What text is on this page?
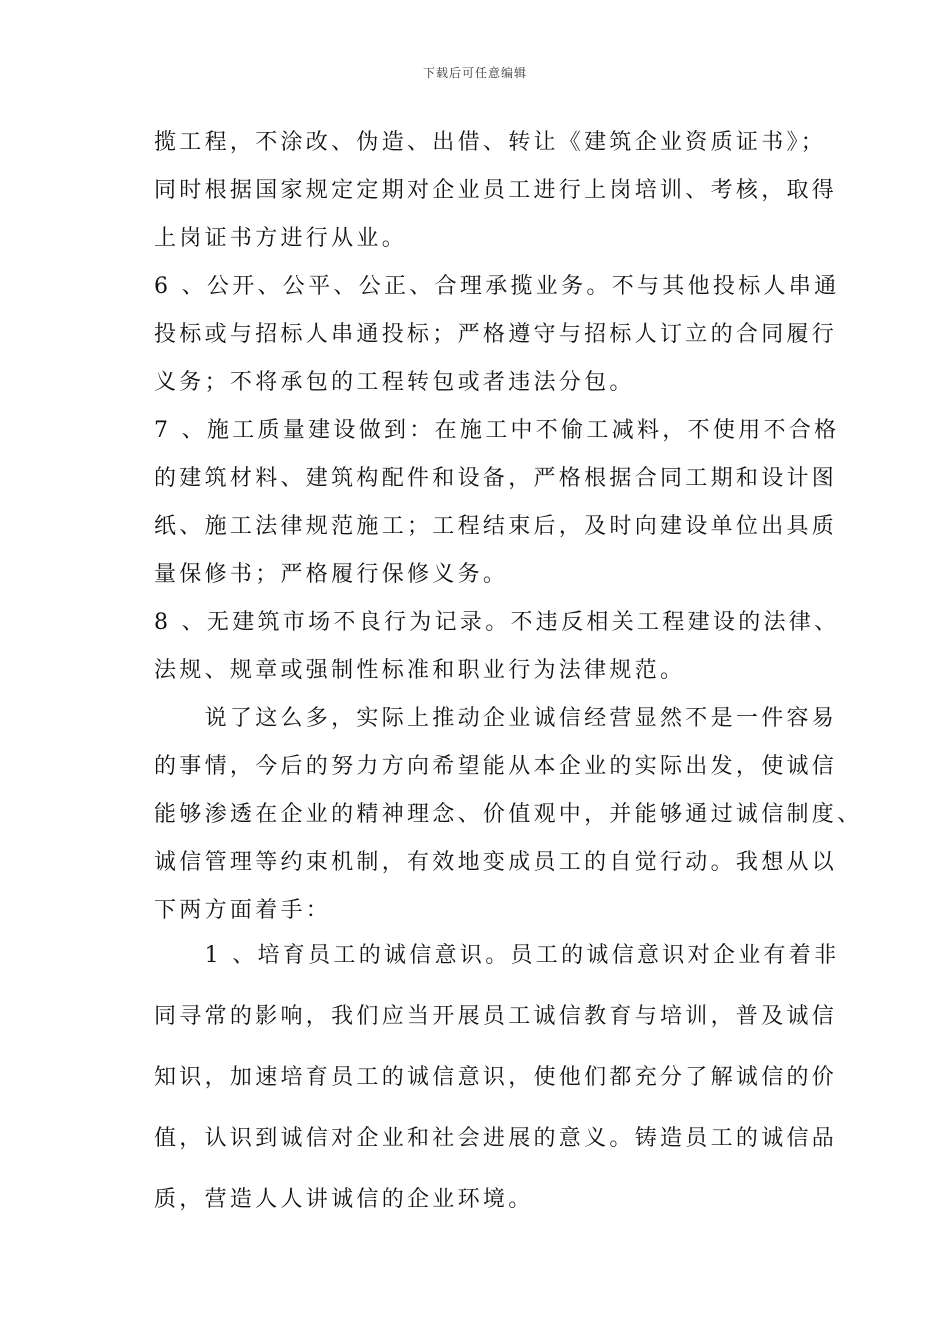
下载后可任意编辑
揽工程，不涂改、伪造、出借、转让《建筑企业资质证书》；
同时根据国家规定定期对企业员工进行上岗培训、考核，取得
上岗证书方进行从业。
6 、公开、公平、公正、合理承揽业务。不与其他投标人串通
投标或与招标人串通投标；严格遵守与招标人订立的合同履行
义务；不将承包的工程转包或者违法分包。
7 、施工质量建设做到：在施工中不偷工减料，不使用不合格
的建筑材料、建筑构配件和设备，严格根据合同工期和设计图
纸、施工法律规范施工；工程结束后，及时向建设单位出具质
量保修书；严格履行保修义务。
8 、无建筑市场不良行为记录。不违反相关工程建设的法律、
法规、规章或强制性标准和职业行为法律规范。
　　说了这么多，实际上推动企业诚信经营显然不是一件容易
的事情，今后的努力方向希望能从本企业的实际出发，使诚信
能够渗透在企业的精神理念、价值观中，并能够通过诚信制度、
诚信管理等约束机制，有效地变成员工的自觉行动。我想从以
下两方面着手：
　　1 、培育员工的诚信意识。员工的诚信意识对企业有着非
同寻常的影响，我们应当开展员工诚信教育与培训，普及诚信
知识，加速培育员工的诚信意识，使他们都充分了解诚信的价
值，认识到诚信对企业和社会进展的意义。铸造员工的诚信品
质，营造人人讲诚信的企业环境。
